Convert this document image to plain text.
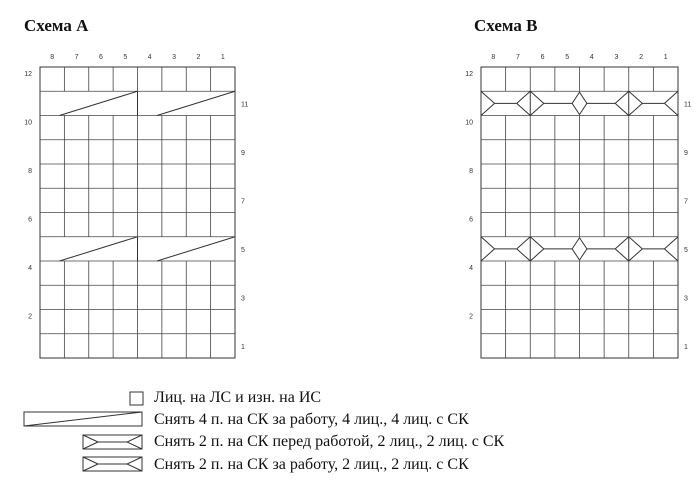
Схема A	Схема B
8	7	6	5	4	3	2	1
12
10
8
6
4
2
11
9
7
5
3
1
8	7	6	5	4	3	2	1
12
10
8
6
4
2
11
9
7
5
3
1
Лиц. на ЛС и изн. на ИС
Снять 4 п. на СК за работу, 4 лиц., 4 лиц. с СК
Снять 2 п. на СК перед работой, 2 лиц., 2 лиц. с СК
Снять 2 п. на СК за работу, 2 лиц., 2 лиц. с СК
